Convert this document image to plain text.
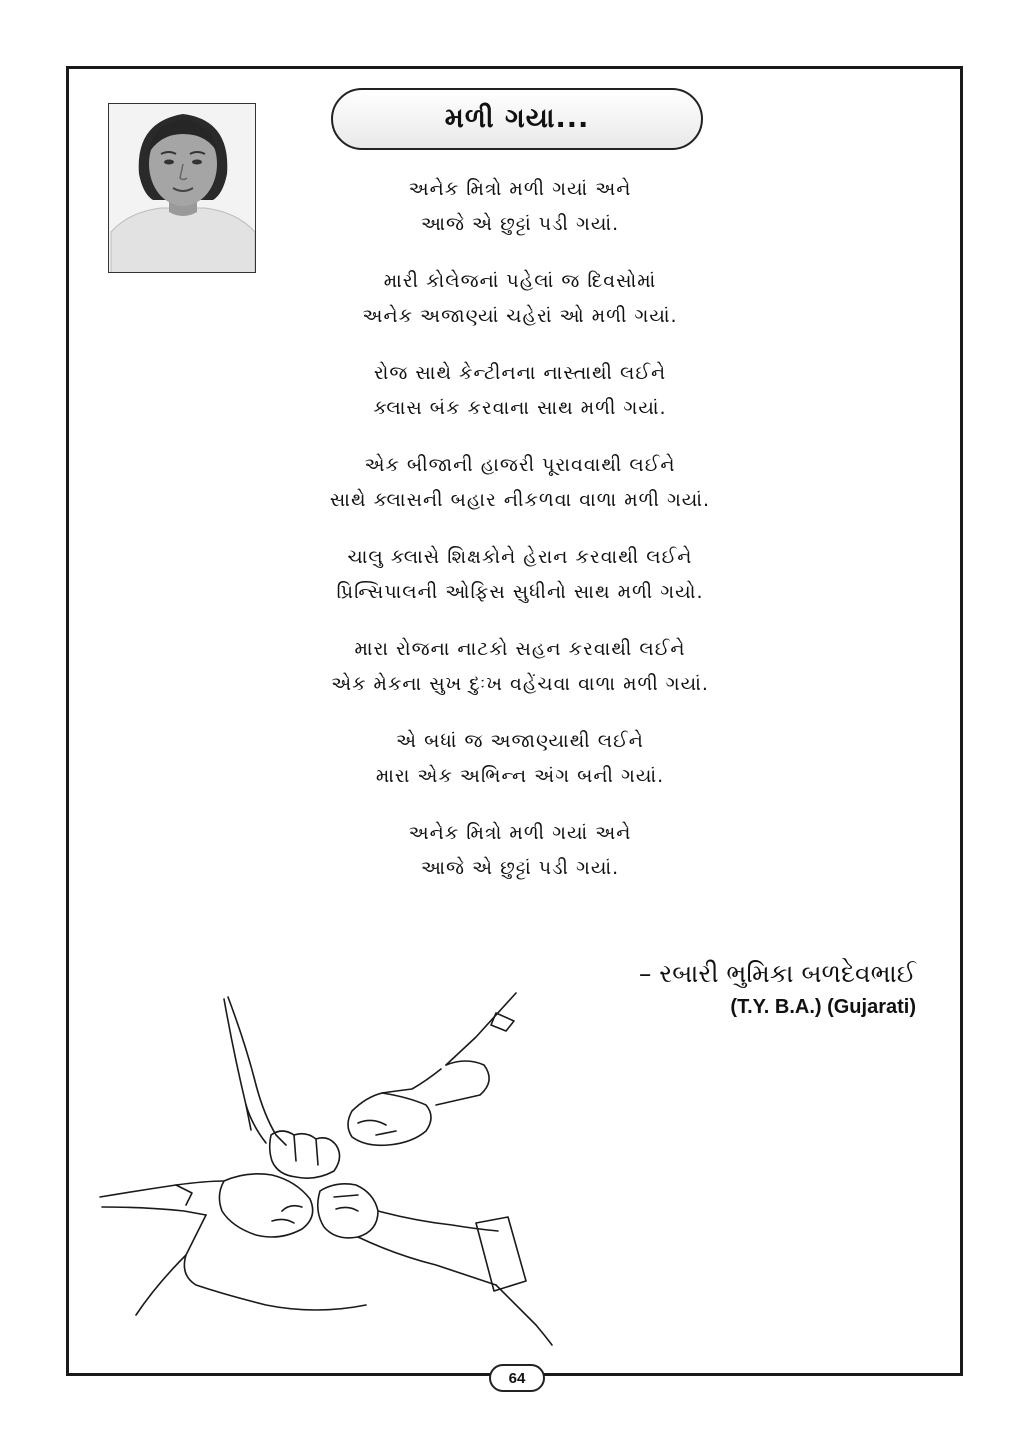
મળી ગયા...
અનેક મિત્રો મળી ગયાં અને
આજે એ છુટ્ટાં પડી ગયાં.
મારી કોલેજનાં પહેલાં જ દિવસોમાં
અનેક અજાણ્યાં ચહેરાં ઓ મળી ગયાં.
રોજ સાથે કેન્ટીનના નાસ્તાથી લઈને
ક્લાસ બંક કરવાના સાથ મળી ગયાં.
એક બીજાની હાજરી પૂરાવવાથી લઈને
સાથે ક્લાસની બહાર નીકળવા વાળા મળી ગયાં.
ચાલુ ક્લાસે શિક્ષકોને હેરાન કરવાથી લઈને
પ્રિન્સિપાલની ઓફિસ સુધીનો સાથ મળી ગયો.
મારા રોજના નાટકો સહન કરવાથી લઈને
એક મેકના સુખ દુઃખ વહેંચવા વાળા મળી ગયાં.
એ બધાં જ અજાણ્યાથી લઈને
મારા એક અભિન્ન અંગ બની ગયાં.
અનેક મિત્રો મળી ગયાં અને
આજે એ છુટ્ટાં પડી ગયાં.
– રબારી ભુમિકા બળદેવભાઈ
(T.Y. B.A.) (Gujarati)
64
